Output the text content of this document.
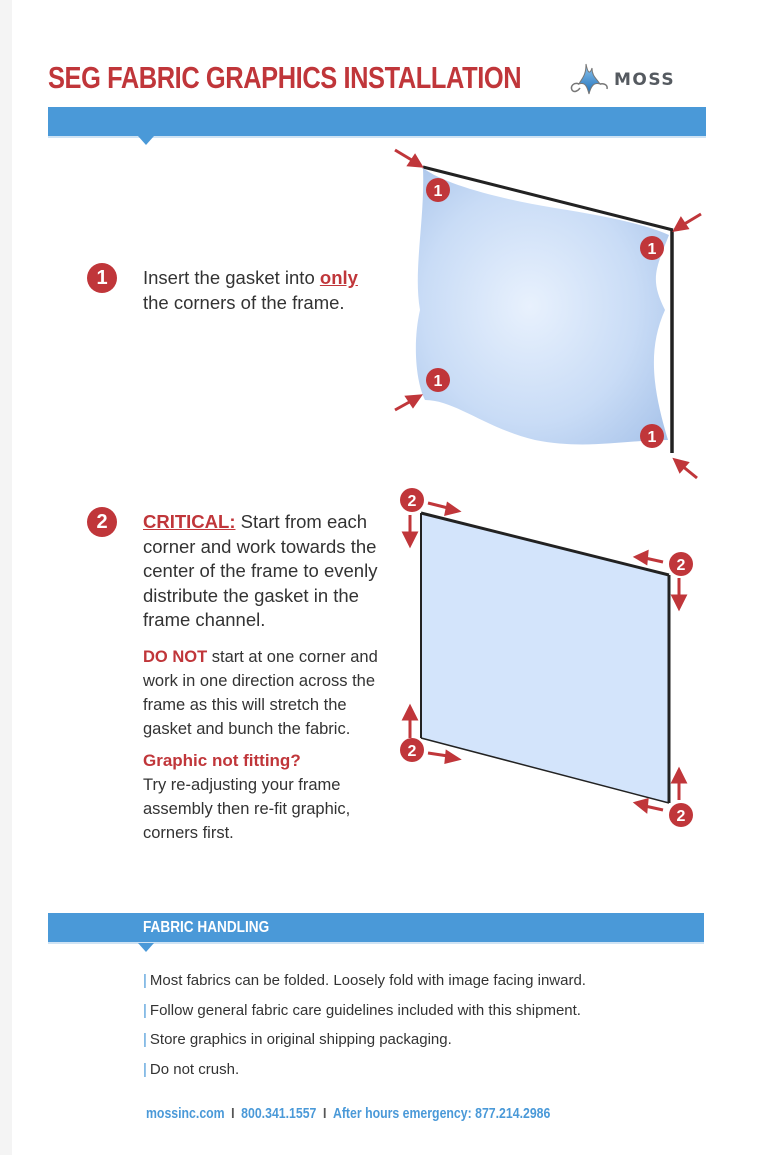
SEG FABRIC GRAPHICS INSTALLATION	MOSS
1	Insert the gasket into only the corners of the frame.
1
1
1
1
2	CRITICAL: Start from each corner and work towards the center of the frame to evenly distribute the gasket in the frame channel.

DO NOT start at one corner and work in one direction across the frame as this will stretch the gasket and bunch the fabric.

Graphic not fitting?
Try re-adjusting your frame assembly then re-fit graphic, corners first.

2
2
2
2
FABRIC HANDLING
| Most fabrics can be folded. Loosely fold with image facing inward.
| Follow general fabric care guidelines included with this shipment.
| Store graphics in original shipping packaging.
| Do not crush.
mossinc.com I 800.341.1557 I After hours emergency: 877.214.2986
